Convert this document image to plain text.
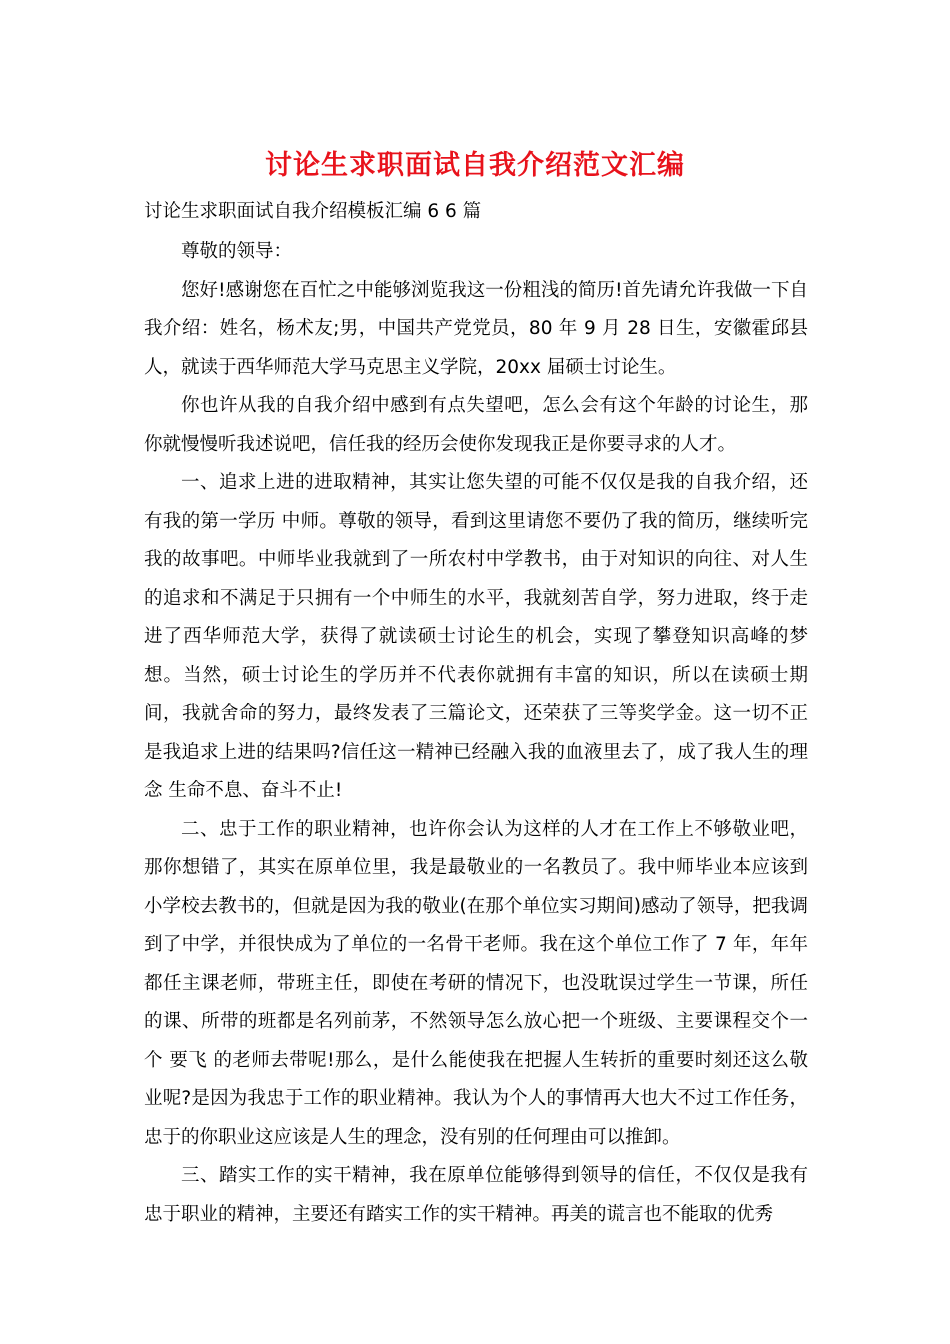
讨论生求职面试自我介绍范文汇编
讨论生求职面试自我介绍模板汇编 6 6 篇

尊敬的领导：

您好!感谢您在百忙之中能够浏览我这一份粗浅的简历!首先请允许我做一下自我介绍：姓名，杨术友;男，中国共产党党员，80 年 9 月 28 日生，安徽霍邱县人，就读于西华师范大学马克思主义学院，20xx 届硕士讨论生。

你也许从我的自我介绍中感到有点失望吧，怎么会有这个年龄的讨论生，那你就慢慢听我述说吧，信任我的经历会使你发现我正是你要寻求的人才。

一、追求上进的进取精神，其实让您失望的可能不仅仅是我的自我介绍，还有我的第一学历 中师。尊敬的领导，看到这里请您不要仍了我的简历，继续听完我的故事吧。中师毕业我就到了一所农村中学教书，由于对知识的向往、对人生的追求和不满足于只拥有一个中师生的水平，我就刻苦自学，努力进取，终于走进了西华师范大学，获得了就读硕士讨论生的机会，实现了攀登知识高峰的梦想。当然，硕士讨论生的学历并不代表你就拥有丰富的知识，所以在读硕士期间，我就舍命的努力，最终发表了三篇论文，还荣获了三等奖学金。这一切不正是我追求上进的结果吗?信任这一精神已经融入我的血液里去了，成了我人生的理念 生命不息、奋斗不止!

二、忠于工作的职业精神，也许你会认为这样的人才在工作上不够敬业吧，那你想错了，其实在原单位里，我是最敬业的一名教员了。我中师毕业本应该到小学校去教书的，但就是因为我的敬业(在那个单位实习期间)感动了领导，把我调到了中学，并很快成为了单位的一名骨干老师。我在这个单位工作了 7 年，年年都任主课老师，带班主任，即使在考研的情况下，也没耽误过学生一节课，所任的课、所带的班都是名列前茅，不然领导怎么放心把一个班级、主要课程交个一个 要飞 的老师去带呢!那么，是什么能使我在把握人生转折的重要时刻还这么敬业呢?是因为我忠于工作的职业精神。我认为个人的事情再大也大不过工作任务，忠于的你职业这应该是人生的理念，没有别的任何理由可以推卸。

三、踏实工作的实干精神，我在原单位能够得到领导的信任，不仅仅是我有忠于职业的精神，主要还有踏实工作的实干精神。再美的谎言也不能取的优秀
